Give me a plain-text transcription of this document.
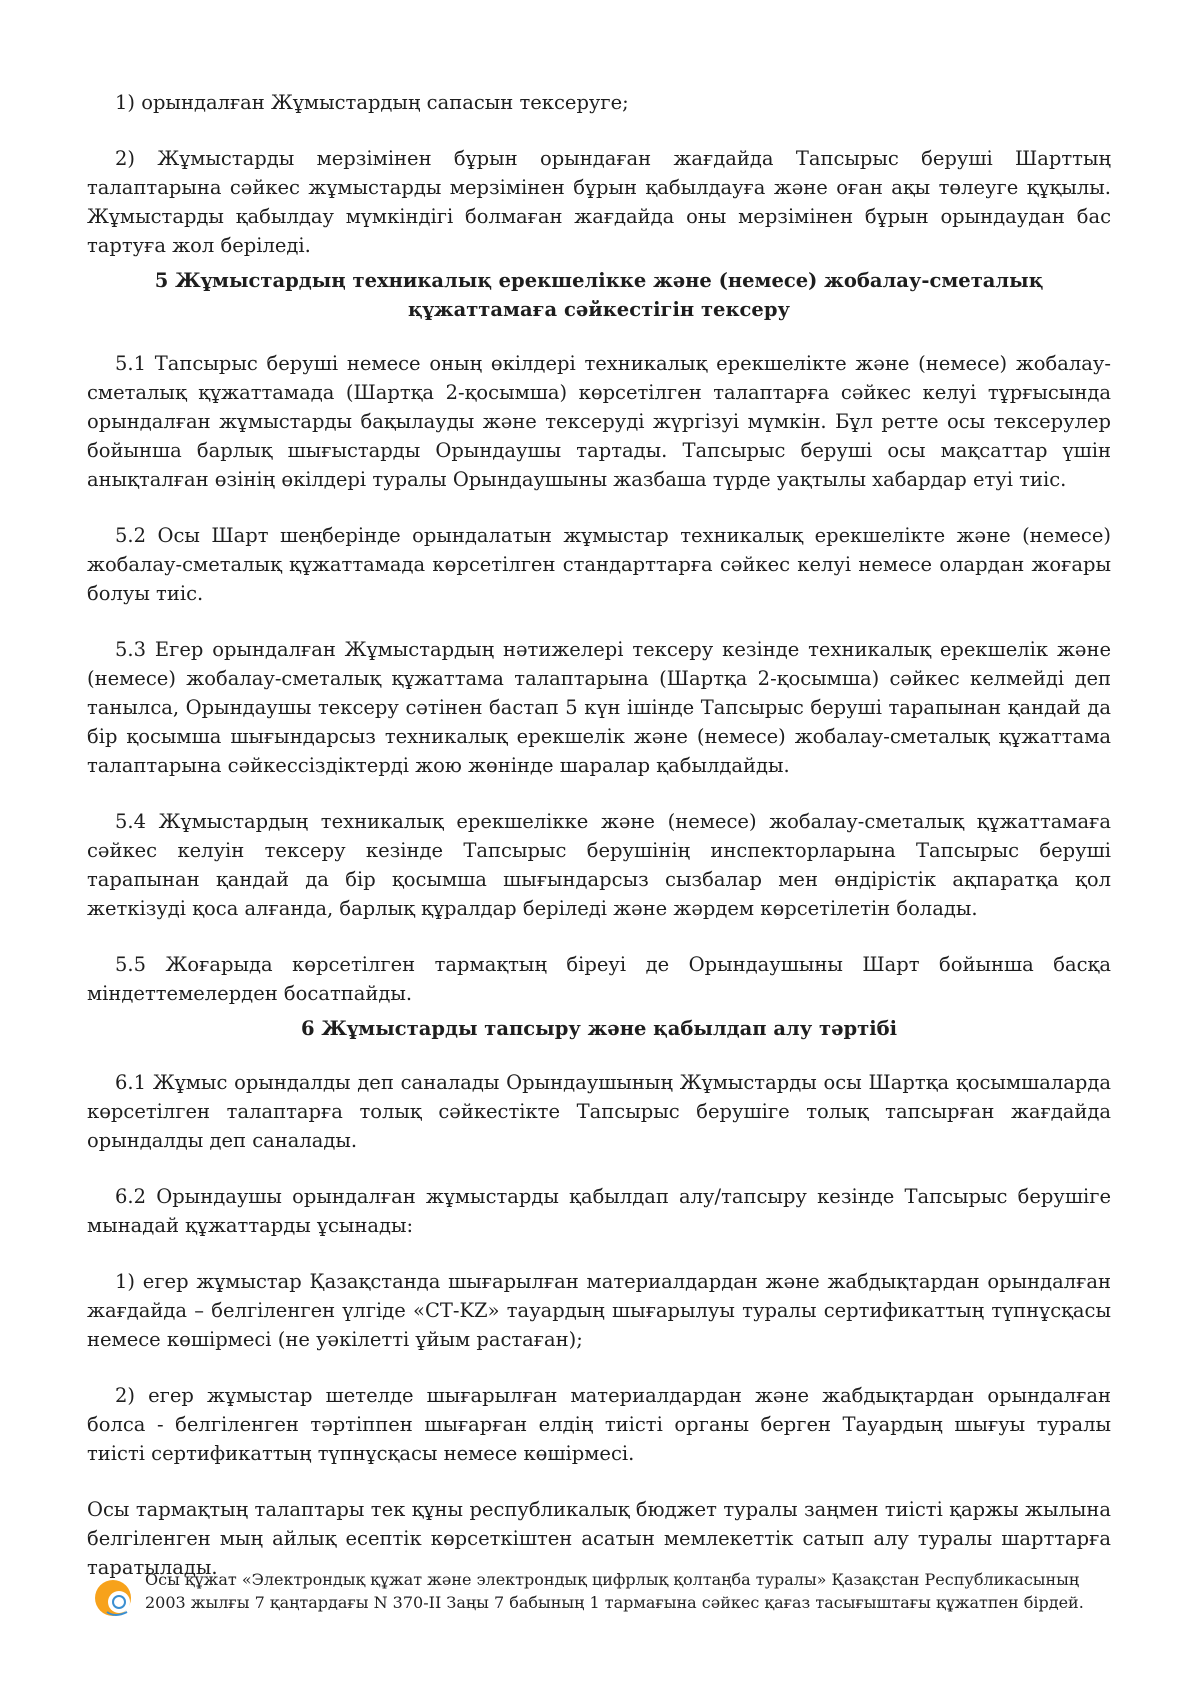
1) орындалған Жұмыстардың сапасын тексеруге;

2) Жұмыстарды мерзімінен бұрын орындаған жағдайда Тапсырыс беруші Шарттың талаптарына сәйкес жұмыстарды мерзімінен бұрын қабылдауға және оған ақы төлеуге құқылы. Жұмыстарды қабылдау мүмкіндігі болмаған жағдайда оны мерзімінен бұрын орындаудан бас тартуға жол беріледі.

5 Жұмыстардың техникалық ерекшелікке және (немесе) жобалау-сметалық құжаттамаға сәйкестігін тексеру

5.1 Тапсырыс беруші немесе оның өкілдері техникалық ерекшелікте және (немесе) жобалау-сметалық құжаттамада (Шартқа 2-қосымша) көрсетілген талаптарға сәйкес келуі тұрғысында орындалған жұмыстарды бақылауды және тексеруді жүргізуі мүмкін. Бұл ретте осы тексерулер бойынша барлық шығыстарды Орындаушы тартады. Тапсырыс беруші осы мақсаттар үшін анықталған өзінің өкілдері туралы Орындаушыны жазбаша түрде уақтылы хабардар етуі тиіс.

5.2 Осы Шарт шеңберінде орындалатын жұмыстар техникалық ерекшелікте және (немесе) жобалау-сметалық құжаттамада көрсетілген стандарттарға сәйкес келуі немесе олардан жоғары болуы тиіс.

5.3 Егер орындалған Жұмыстардың нәтижелері тексеру кезінде техникалық ерекшелік және (немесе) жобалау-сметалық құжаттама талаптарына (Шартқа 2-қосымша) сәйкес келмейді деп танылса, Орындаушы тексеру сәтінен бастап 5 күн ішінде Тапсырыс беруші тарапынан қандай да бір қосымша шығындарсыз техникалық ерекшелік және (немесе) жобалау-сметалық құжаттама талаптарына сәйкессіздіктерді жою жөнінде шаралар қабылдайды.

5.4 Жұмыстардың техникалық ерекшелікке және (немесе) жобалау-сметалық құжаттамаға сәйкес келуін тексеру кезінде Тапсырыс берушінің инспекторларына Тапсырыс беруші тарапынан қандай да бір қосымша шығындарсыз сызбалар мен өндірістік ақпаратқа қол жеткізуді қоса алғанда, барлық құралдар беріледі және жәрдем көрсетілетін болады.

5.5 Жоғарыда көрсетілген тармақтың біреуі де Орындаушыны Шарт бойынша басқа міндеттемелерден босатпайды.

6 Жұмыстарды тапсыру және қабылдап алу тәртібі

6.1 Жұмыс орындалды деп саналады Орындаушының Жұмыстарды осы Шартқа қосымшаларда көрсетілген талаптарға толық сәйкестікте Тапсырыс берушіге толық тапсырған жағдайда орындалды деп саналады.

6.2 Орындаушы орындалған жұмыстарды қабылдап алу/тапсыру кезінде Тапсырыс берушіге мынадай құжаттарды ұсынады:

1) егер жұмыстар Қазақстанда шығарылған материалдардан және жабдықтардан орындалған жағдайда – белгіленген үлгіде «СТ-KZ» тауардың шығарылуы туралы сертификаттың түпнұсқасы немесе көшірмесі (не уәкілетті ұйым растаған);

2) егер жұмыстар шетелде шығарылған материалдардан және жабдықтардан орындалған болса - белгіленген тәртіппен шығарған елдің тиісті органы берген Тауардың шығуы туралы тиісті сертификаттың түпнұсқасы немесе көшірмесі.

Осы тармақтың талаптары тек құны республикалық бюджет туралы заңмен тиісті қаржы жылына белгіленген мың айлық есептік көрсеткіштен асатын мемлекеттік сатып алу туралы шарттарға таратылады.

Осы құжат «Электрондық құжат және электрондық цифрлық қолтаңба туралы» Қазақстан Республикасының 2003 жылғы 7 қаңтардағы N 370-II Заңы 7 бабының 1 тармағына сәйкес қағаз тасығыштағы құжатпен бірдей.
